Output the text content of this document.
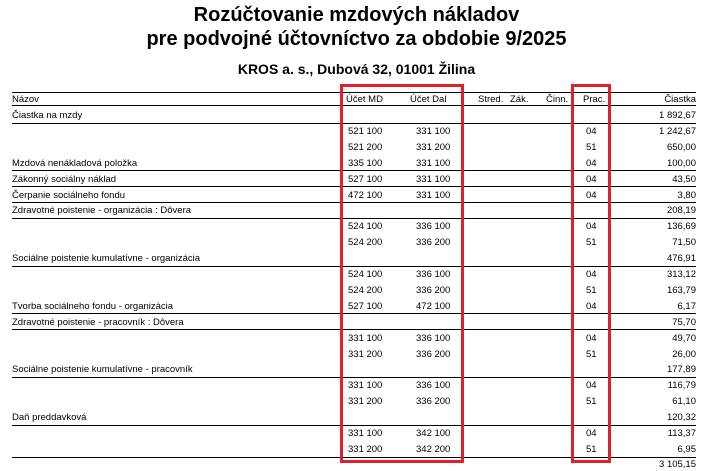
Rozúčtovanie mzdových nákladov
pre podvojné účtovníctvo za obdobie 9/2025
KROS a. s., Dubová 32, 01001 Žilina
Názov	Účet MD	Účet Dal	Stred. Zák. Činn. Prac.	Čiastka
Čiastka na mzdy	1 892,67
521 100	331 100	04	1 242,67
521 200	331 200	51	650,00
Mzdová nenákladová položka	335 100	331 100	04	100,00
Zákonný sociálny náklad	527 100	331 100	04	43,50
Čerpanie sociálneho fondu	472 100	331 100	04	3,80
Zdravotné poistenie - organizácia : Dôvera	208,19
524 100	336 100	04	136,69
524 200	336 200	51	71,50
Sociálne poistenie kumulatívne - organizácia	476,91
524 100	336 100	04	313,12
524 200	336 200	51	163,79
Tvorba sociálneho fondu - organizácia	527 100	472 100	04	6,17
Zdravotné poistenie - pracovník : Dôvera	75,70
331 100	336 100	04	49,70
331 200	336 200	51	26,00
Sociálne poistenie kumulatívne - pracovník	177,89
331 100	336 100	04	116,79
331 200	336 200	51	61,10
Daň preddavková	120,32
331 100	342 100	04	113,37
331 200	342 200	51	6,95
3 105,15
